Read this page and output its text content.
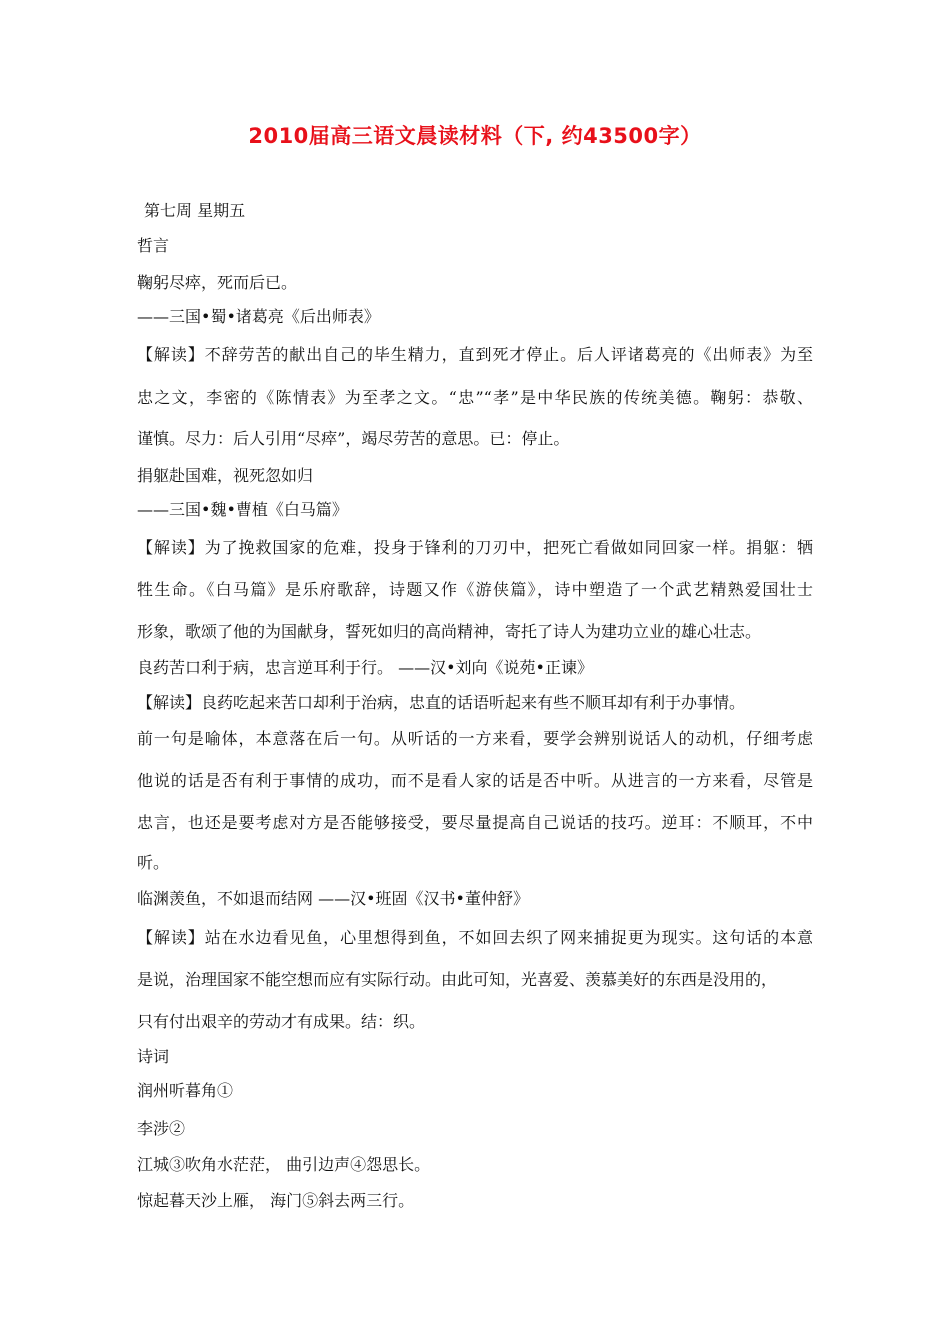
2010届高三语文晨读材料（下, 约43500字）
第七周 星期五
哲言
鞠躬尽瘁，死而后已。
——三国•蜀•诸葛亮《后出师表》
【解读】不辞劳苦的献出自己的毕生精力，直到死才停止。后人评诸葛亮的《出师表》为至
忠之文，李密的《陈情表》为至孝之文。“忠”“孝”是中华民族的传统美德。鞠躬：恭敬、
谨慎。尽力：后人引用“尽瘁”，竭尽劳苦的意思。已：停止。
捐躯赴国难，视死忽如归
——三国•魏•曹植《白马篇》
【解读】为了挽救国家的危难，投身于锋利的刀刃中，把死亡看做如同回家一样。捐躯：牺
牲生命。《白马篇》是乐府歌辞，诗题又作《游侠篇》，诗中塑造了一个武艺精熟爱国壮士
形象，歌颂了他的为国献身，誓死如归的高尚精神，寄托了诗人为建功立业的雄心壮志。
良药苦口利于病，忠言逆耳利于行。 ——汉•刘向《说苑•正谏》
【解读】良药吃起来苦口却利于治病，忠直的话语听起来有些不顺耳却有利于办事情。
前一句是喻体，本意落在后一句。从听话的一方来看，要学会辨别说话人的动机，仔细考虑
他说的话是否有利于事情的成功，而不是看人家的话是否中听。从进言的一方来看，尽管是
忠言，也还是要考虑对方是否能够接受，要尽量提高自己说话的技巧。逆耳：不顺耳，不中
听。
临渊羡鱼，不如退而结网 ——汉•班固《汉书•董仲舒》
【解读】站在水边看见鱼，心里想得到鱼，不如回去织了网来捕捉更为现实。这句话的本意
是说，治理国家不能空想而应有实际行动。由此可知，光喜爱、羡慕美好的东西是没用的，
只有付出艰辛的劳动才有成果。结：织。
诗词
润州听暮角①
李涉②
江城③吹角水茫茫， 曲引边声④怨思长。
惊起暮天沙上雁， 海门⑤斜去两三行。
